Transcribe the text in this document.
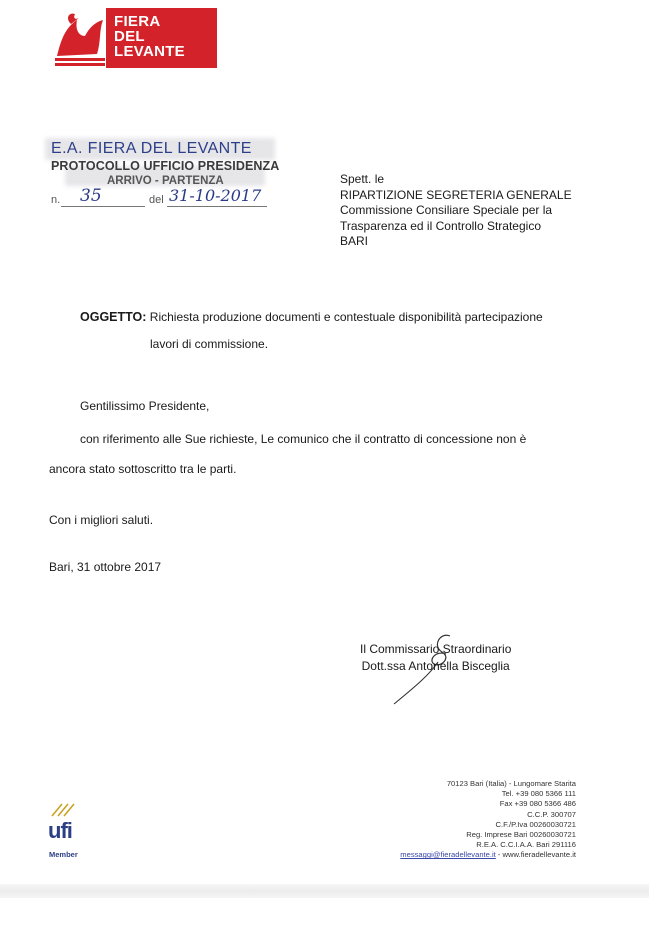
FIERA
DEL
LEVANTE
E.A. FIERA DEL LEVANTE
PROTOCOLLO UFFICIO PRESIDENZA
ARRIVO - PARTENZA
n. 35	del 31-10-2017
Spett. le
RIPARTIZIONE SEGRETERIA GENERALE
Commissione Consiliare Speciale per la
Trasparenza ed il Controllo Strategico
BARI
OGGETTO: Richiesta produzione documenti e contestuale disponibilità partecipazione
lavori di commissione.
Gentilissimo Presidente,
con riferimento alle Sue richieste, Le comunico che il contratto di concessione non è
ancora stato sottoscritto tra le parti.
Con i migliori saluti.
Bari, 31 ottobre 2017
Il Commissario Straordinario
Dott.ssa Antonella Bisceglia
ufi
Member
70123 Bari (Italia) - Lungomare Starita
Tel. +39 080 5366 111
Fax +39 080 5366 486
C.C.P. 300707
C.F./P.Iva 00260030721
Reg. Imprese Bari 00260030721
R.E.A. C.C.I.A.A. Bari 291116
messaggi@fieradellevante.it - www.fieradellevante.it
